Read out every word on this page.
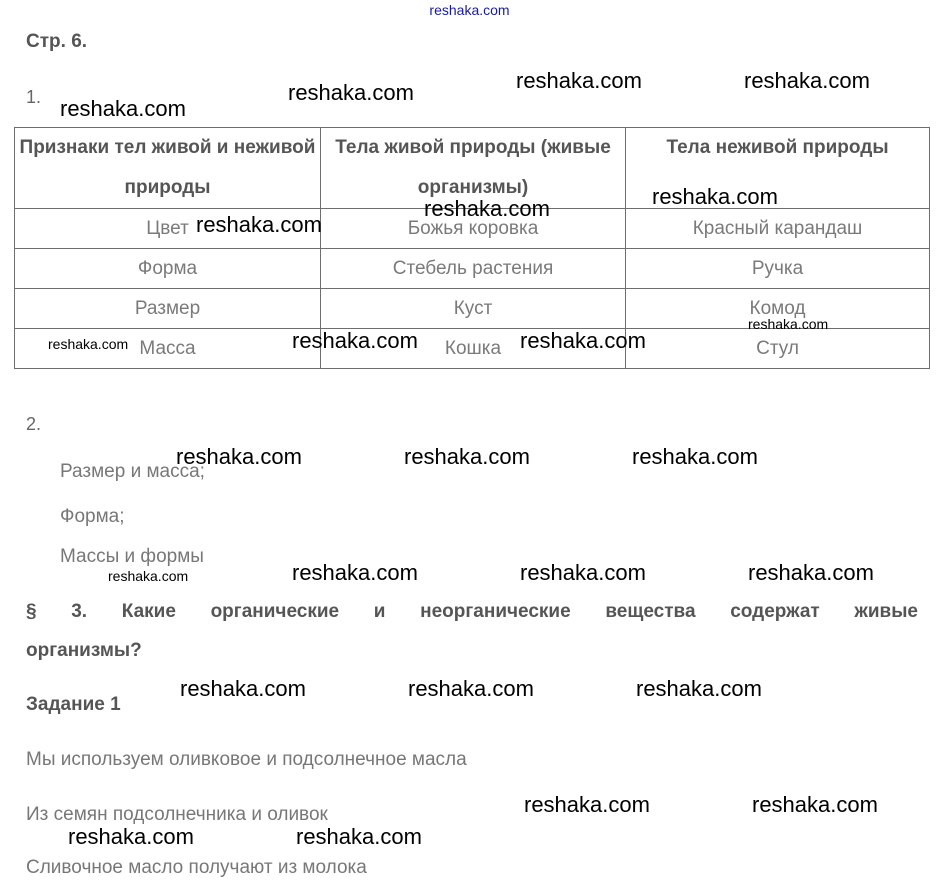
reshaka.com
Стр. 6.
1.
Признаки тел живой и неживой природы	Тела живой природы (живые организмы)	Тела неживой природы
Цвет	Божья коровка	Красный карандаш
Форма	Стебель растения	Ручка
Размер	Куст	Комод
Масса	Кошка	Стул
2.
Размер и масса;
Форма;
Массы и формы
§ 3. Какие органические и неорганические вещества содержат живые
организмы?
Задание 1
Мы используем оливковое и подсолнечное масла
Из семян подсолнечника и оливок
Сливочное масло получают из молока
reshaka.com
reshaka.com	reshaka.com	reshaka.com
reshaka.com
reshaka.com
reshaka.com
reshaka.com
reshaka.com	reshaka.com	reshaka.com
reshaka.com	reshaka.com	reshaka.com
reshaka.com	reshaka.com	reshaka.com	reshaka.com
reshaka.com	reshaka.com	reshaka.com
reshaka.com	reshaka.com
reshaka.com	reshaka.com
